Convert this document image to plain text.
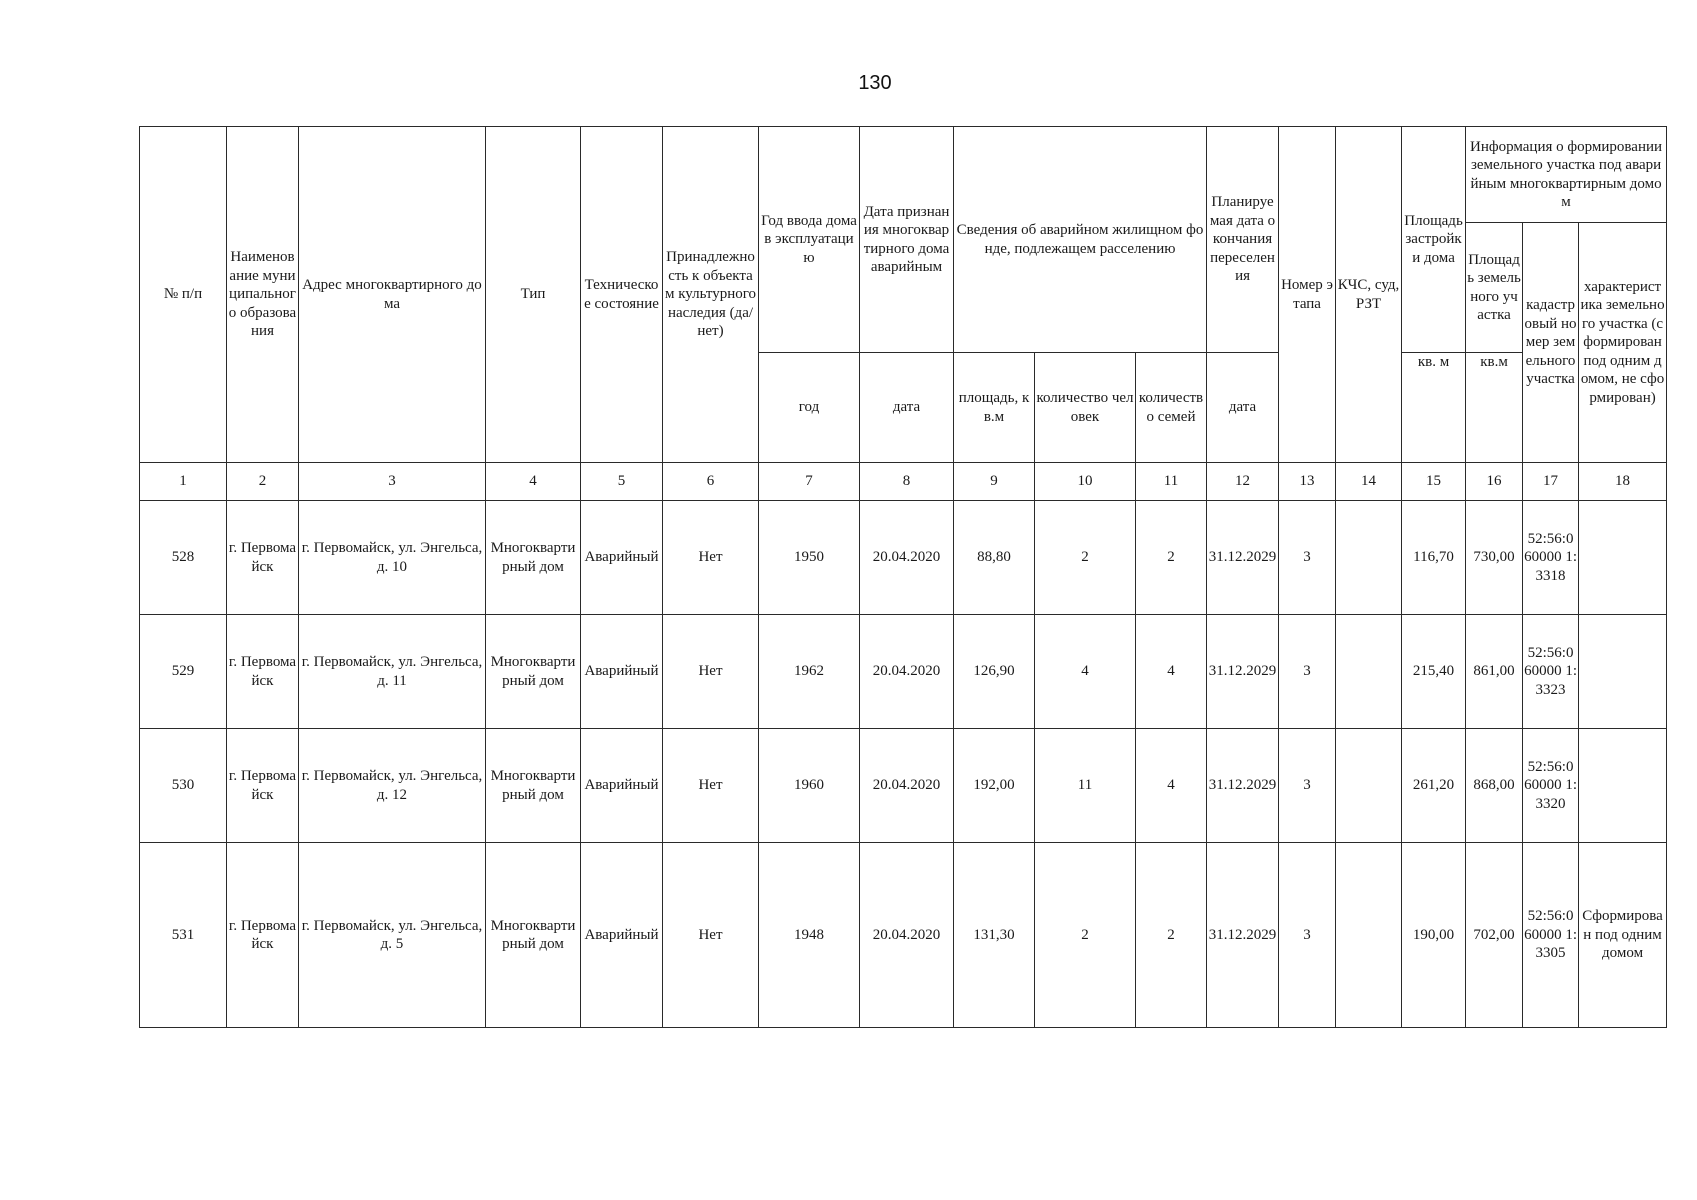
130
№ п/п	Наименование муниципального образования	Адрес многоквартирного дома	Тип	Техническое состояние	Принадлежность к объектам культурного наследия (да/нет)	Год ввода дома в эксплуатацию	Дата признания многоквартирного дома аварийным	Сведения об аварийном жилищном фонде, подлежащем расселению			Планируемая дата окончания переселения	Номер этапа	КЧС, суд, РЗТ	Площадь застройки дома	Информация о формировании земельного участка под аварийным многоквартирным домом		
															Площадь земельного участка	кадастровый номер земельного участка	характеристика земельного участка (сформирован под одним домом, не сформирован)
						год	дата	площадь, кв.м	количество человек	количество семей	дата			кв. м	кв.м		
1	2	3	4	5	6	7	8	9	10	11	12	13	14	15	16	17	18
528	г. Первомайск	г. Первомайск, ул. Энгельса, д. 10	Многоквартирный дом	Аварийный	Нет	1950	20.04.2020	88,80	2	2	31.12.2029	3		116,70	730,00	52:56:060000 1:3318	
529	г. Первомайск	г. Первомайск, ул. Энгельса, д. 11	Многоквартирный дом	Аварийный	Нет	1962	20.04.2020	126,90	4	4	31.12.2029	3		215,40	861,00	52:56:060000 1:3323	
530	г. Первомайск	г. Первомайск, ул. Энгельса, д. 12	Многоквартирный дом	Аварийный	Нет	1960	20.04.2020	192,00	11	4	31.12.2029	3		261,20	868,00	52:56:060000 1:3320	
531	г. Первомайск	г. Первомайск, ул. Энгельса, д. 5	Многоквартирный дом	Аварийный	Нет	1948	20.04.2020	131,30	2	2	31.12.2029	3		190,00	702,00	52:56:060000 1:3305	Сформирован под одним домом
